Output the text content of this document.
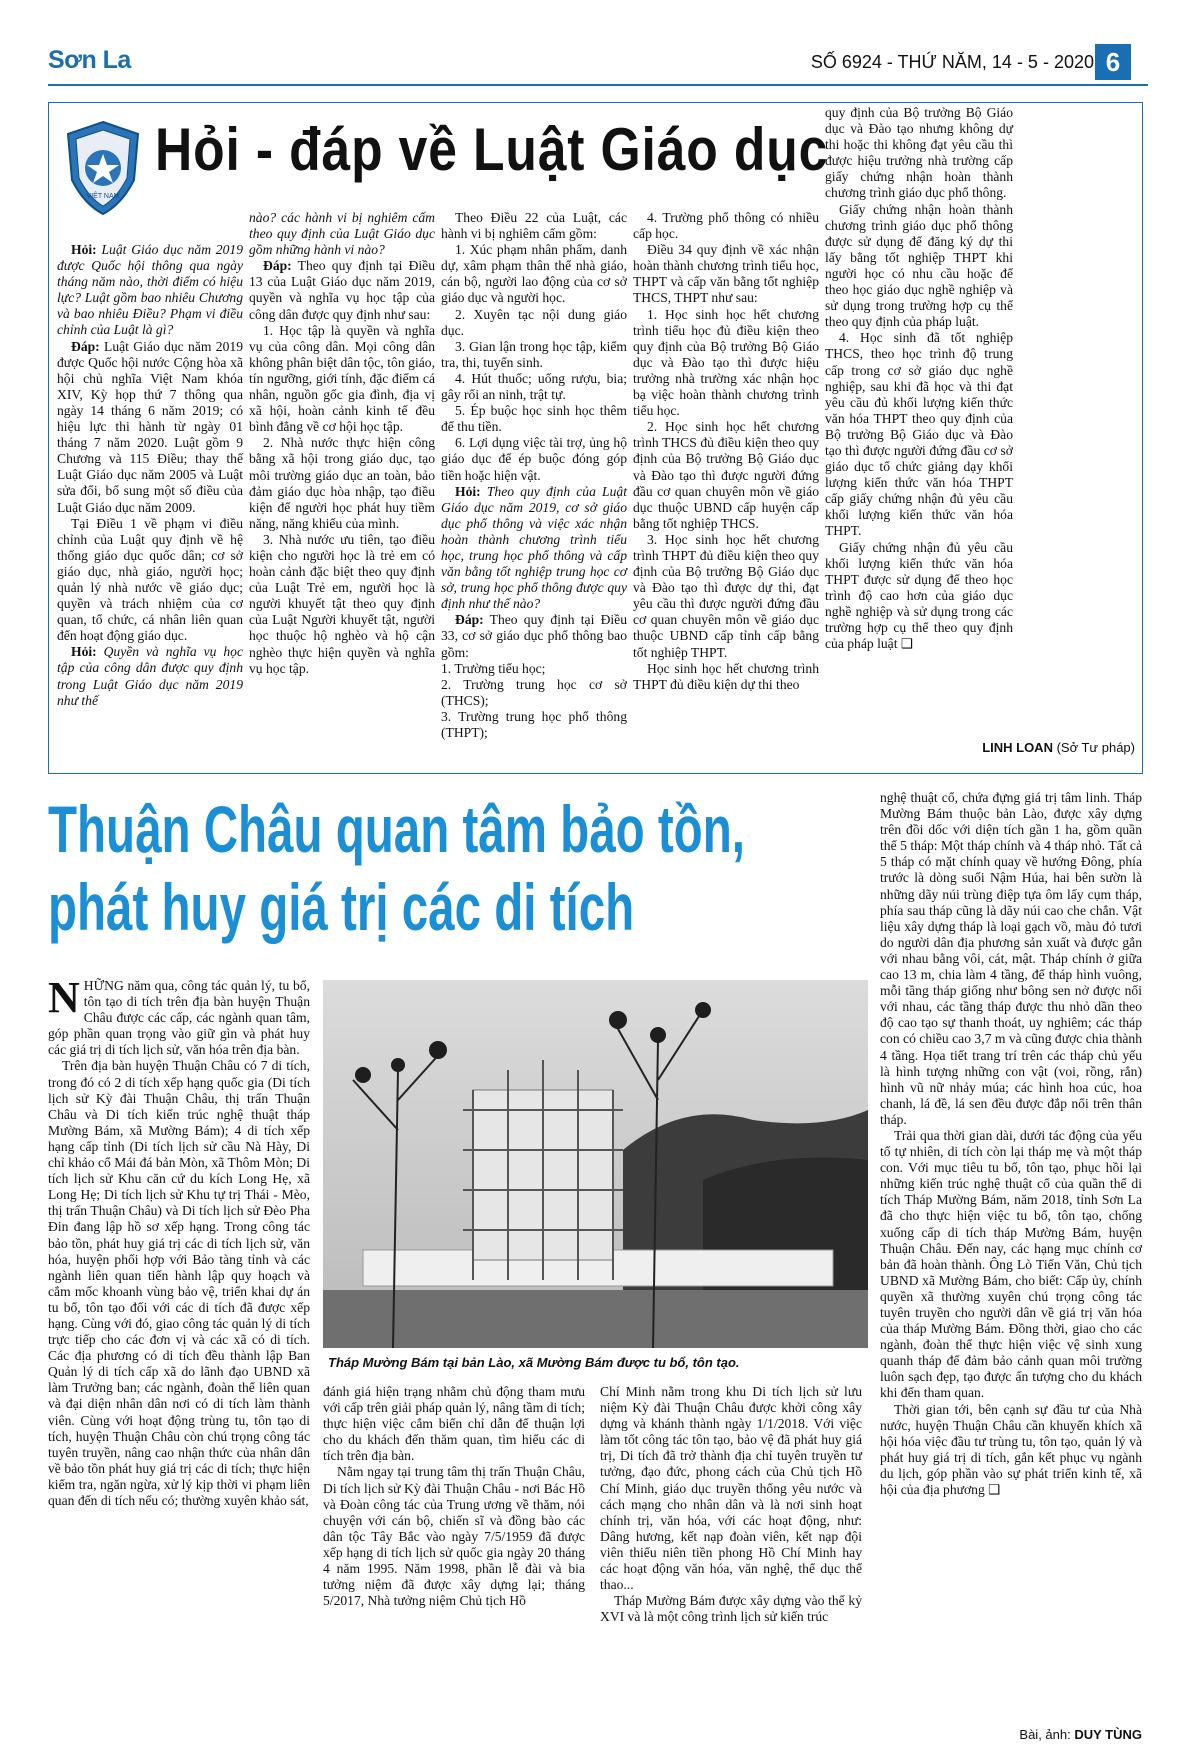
Sơn La	SỐ 6924 - THỨ NĂM, 14 - 5 - 2020 6
VIỆT NAM
Hỏi - đáp về Luật Giáo dục

Hỏi: Luật Giáo dục năm 2019 được Quốc hội thông qua ngày tháng năm nào, thời điểm có hiệu lực? Luật gồm bao nhiêu Chương và bao nhiêu Điều? Phạm vi điều chỉnh của Luật là gì?

Đáp: Luật Giáo dục năm 2019 được Quốc hội nước Cộng hòa xã hội chủ nghĩa Việt Nam khóa XIV, Kỳ họp thứ 7 thông qua ngày 14 tháng 6 năm 2019; có hiệu lực thi hành từ ngày 01 tháng 7 năm 2020. Luật gồm 9 Chương và 115 Điều; thay thế Luật Giáo dục năm 2005 và Luật sửa đổi, bổ sung một số điều của Luật Giáo dục năm 2009.

Tại Điều 1 về phạm vi điều chỉnh của Luật quy định về hệ thống giáo dục quốc dân; cơ sở giáo dục, nhà giáo, người học; quản lý nhà nước về giáo dục; quyền và trách nhiệm của cơ quan, tổ chức, cá nhân liên quan đến hoạt động giáo dục.

Hỏi: Quyền và nghĩa vụ học tập của công dân được quy định trong Luật Giáo dục năm 2019 như thế

nào? các hành vi bị nghiêm cấm theo quy định của Luật Giáo dục gồm những hành vi nào?

Đáp: Theo quy định tại Điều 13 của Luật Giáo dục năm 2019, quyền và nghĩa vụ học tập của công dân được quy định như sau:

1. Học tập là quyền và nghĩa vụ của công dân. Mọi công dân không phân biệt dân tộc, tôn giáo, tín ngưỡng, giới tính, đặc điểm cá nhân, nguồn gốc gia đình, địa vị xã hội, hoàn cảnh kinh tế đều bình đẳng về cơ hội học tập.

2. Nhà nước thực hiện công bằng xã hội trong giáo dục, tạo môi trường giáo dục an toàn, bảo đảm giáo dục hòa nhập, tạo điều kiện để người học phát huy tiềm năng, năng khiếu của mình.

3. Nhà nước ưu tiên, tạo điều kiện cho người học là trẻ em có hoàn cảnh đặc biệt theo quy định của Luật Trẻ em, người học là người khuyết tật theo quy định của Luật Người khuyết tật, người học thuộc hộ nghèo và hộ cận nghèo thực hiện quyền và nghĩa vụ học tập.

Theo Điều 22 của Luật, các hành vi bị nghiêm cấm gồm:

1. Xúc phạm nhân phẩm, danh dự, xâm phạm thân thể nhà giáo, cán bộ, người lao động của cơ sở giáo dục và người học.

2. Xuyên tạc nội dung giáo dục.

3. Gian lận trong học tập, kiểm tra, thi, tuyển sinh.

4. Hút thuốc; uống rượu, bia; gây rối an ninh, trật tự.

5. Ép buộc học sinh học thêm để thu tiền.

6. Lợi dụng việc tài trợ, ủng hộ giáo dục để ép buộc đóng góp tiền hoặc hiện vật.

Hỏi: Theo quy định của Luật Giáo dục năm 2019, cơ sở giáo dục phổ thông và việc xác nhận hoàn thành chương trình tiểu học, trung học phổ thông và cấp văn bằng tốt nghiệp trung học cơ sở, trung học phổ thông được quy định như thế nào?

Đáp: Theo quy định tại Điều 33, cơ sở giáo dục phổ thông bao gồm:

1. Trường tiểu học;

2. Trường trung học cơ sở (THCS);

3. Trường trung học phổ thông (THPT);

4. Trường phổ thông có nhiều cấp học.

Điều 34 quy định về xác nhận hoàn thành chương trình tiểu học, THPT và cấp văn bằng tốt nghiệp THCS, THPT như sau:

1. Học sinh học hết chương trình tiểu học đủ điều kiện theo quy định của Bộ trưởng Bộ Giáo dục và Đào tạo thì được hiệu trưởng nhà trường xác nhận học bạ việc hoàn thành chương trình tiểu học.

2. Học sinh học hết chương trình THCS đủ điều kiện theo quy định của Bộ trưởng Bộ Giáo dục và Đào tạo thì được người đứng đầu cơ quan chuyên môn về giáo dục thuộc UBND cấp huyện cấp bằng tốt nghiệp THCS.

3. Học sinh học hết chương trình THPT đủ điều kiện theo quy định của Bộ trưởng Bộ Giáo dục và Đào tạo thì được dự thi, đạt yêu cầu thì được người đứng đầu cơ quan chuyên môn về giáo dục thuộc UBND cấp tỉnh cấp bằng tốt nghiệp THPT.

Học sinh học hết chương trình THPT đủ điều kiện dự thi theo

quy định của Bộ trưởng Bộ Giáo dục và Đào tạo nhưng không dự thi hoặc thi không đạt yêu cầu thì được hiệu trưởng nhà trường cấp giấy chứng nhận hoàn thành chương trình giáo dục phổ thông.

Giấy chứng nhận hoàn thành chương trình giáo dục phổ thông được sử dụng để đăng ký dự thi lấy bằng tốt nghiệp THPT khi người học có nhu cầu hoặc để theo học giáo dục nghề nghiệp và sử dụng trong trường hợp cụ thể theo quy định của pháp luật.

4. Học sinh đã tốt nghiệp THCS, theo học trình độ trung cấp trong cơ sở giáo dục nghề nghiệp, sau khi đã học và thi đạt yêu cầu đủ khối lượng kiến thức văn hóa THPT theo quy định của Bộ trưởng Bộ Giáo dục và Đào tạo thì được người đứng đầu cơ sở giáo dục tổ chức giảng dạy khối lượng kiến thức văn hóa THPT cấp giấy chứng nhận đủ yêu cầu khối lượng kiến thức văn hóa THPT.

Giấy chứng nhận đủ yêu cầu khối lượng kiến thức văn hóa THPT được sử dụng để theo học trình độ cao hơn của giáo dục nghề nghiệp và sử dụng trong các trường hợp cụ thể theo quy định của pháp luật ❑

LINH LOAN (Sở Tư pháp)
Thuận Châu quan tâm bảo tồn,
phát huy giá trị các di tích

NHỮNG năm qua, công tác quản lý, tu bổ, tôn tạo di tích trên địa bàn huyện Thuận Châu được các cấp, các ngành quan tâm, góp phần quan trọng vào giữ gìn và phát huy các giá trị di tích lịch sử, văn hóa trên địa bàn.

Trên địa bàn huyện Thuận Châu có 7 di tích, trong đó có 2 di tích xếp hạng quốc gia (Di tích lịch sử Kỳ đài Thuận Châu, thị trấn Thuận Châu và Di tích kiến trúc nghệ thuật tháp Mường Bám, xã Mường Bám); 4 di tích xếp hạng cấp tỉnh (Di tích lịch sử cầu Nà Hày, Di chỉ khảo cổ Mái đá bản Mòn, xã Thôm Mòn; Di tích lịch sử Khu căn cứ du kích Long Hẹ, xã Long Hẹ; Di tích lịch sử Khu tự trị Thái - Mèo, thị trấn Thuận Châu) và Di tích lịch sử Đèo Pha Đin đang lập hồ sơ xếp hạng. Trong công tác bảo tồn, phát huy giá trị các di tích lịch sử, văn hóa, huyện phối hợp với Bảo tàng tỉnh và các ngành liên quan tiến hành lập quy hoạch và cắm mốc khoanh vùng bảo vệ, triển khai dự án tu bổ, tôn tạo đối với các di tích đã được xếp hạng. Cùng với đó, giao công tác quản lý di tích trực tiếp cho các đơn vị và các xã có di tích. Các địa phương có di tích đều thành lập Ban Quản lý di tích cấp xã do lãnh đạo UBND xã làm Trưởng ban; các ngành, đoàn thể liên quan và đại diện nhân dân nơi có di tích làm thành viên. Cùng với hoạt động trùng tu, tôn tạo di tích, huyện Thuận Châu còn chú trọng công tác tuyên truyền, nâng cao nhận thức của nhân dân về bảo tồn phát huy giá trị các di tích; thực hiện kiểm tra, ngăn ngừa, xử lý kịp thời vi phạm liên quan đến di tích nếu có; thường xuyên khảo sát,

Tháp Mường Bám tại bản Lào, xã Mường Bám được tu bổ, tôn tạo.

đánh giá hiện trạng nhằm chủ động tham mưu với cấp trên giải pháp quản lý, nâng tầm di tích; thực hiện việc cắm biển chỉ dẫn để thuận lợi cho du khách đến thăm quan, tìm hiểu các di tích trên địa bàn.

Nằm ngay tại trung tâm thị trấn Thuận Châu, Di tích lịch sử Kỳ đài Thuận Châu - nơi Bác Hồ và Đoàn công tác của Trung ương về thăm, nói chuyện với cán bộ, chiến sĩ và đồng bào các dân tộc Tây Bắc vào ngày 7/5/1959 đã được xếp hạng di tích lịch sử quốc gia ngày 20 tháng 4 năm 1995. Năm 1998, phần lễ đài và bia tưởng niệm đã được xây dựng lại; tháng 5/2017, Nhà tưởng niệm Chủ tịch Hồ

Chí Minh nằm trong khu Di tích lịch sử lưu niệm Kỳ đài Thuận Châu được khởi công xây dựng và khánh thành ngày 1/1/2018. Với việc làm tốt công tác tôn tạo, bảo vệ đã phát huy giá trị, Di tích đã trở thành địa chỉ tuyên truyền tư tưởng, đạo đức, phong cách của Chủ tịch Hồ Chí Minh, giáo dục truyền thống yêu nước và cách mạng cho nhân dân và là nơi sinh hoạt chính trị, văn hóa, với các hoạt động, như: Dâng hương, kết nạp đoàn viên, kết nạp đội viên thiếu niên tiền phong Hồ Chí Minh hay các hoạt động văn hóa, văn nghệ, thể dục thể thao...

Tháp Mường Bám được xây dựng vào thế kỷ XVI và là một công trình lịch sử kiến trúc

nghệ thuật cổ, chứa đựng giá trị tâm linh. Tháp Mường Bám thuộc bản Lào, được xây dựng trên đồi dốc với diện tích gần 1 ha, gồm quần thể 5 tháp: Một tháp chính và 4 tháp nhỏ. Tất cả 5 tháp có mặt chính quay về hướng Đông, phía trước là dòng suối Nậm Húa, hai bên sườn là những dãy núi trùng điệp tựa ôm lấy cụm tháp, phía sau tháp cũng là dãy núi cao che chắn. Vật liệu xây dựng tháp là loại gạch vồ, màu đỏ tươi do người dân địa phương sản xuất và được gắn với nhau bằng vôi, cát, mật. Tháp chính ở giữa cao 13 m, chia làm 4 tầng, để tháp hình vuông, mỗi tầng tháp giống như bông sen nở được nối với nhau, các tầng tháp được thu nhỏ dần theo độ cao tạo sự thanh thoát, uy nghiêm; các tháp con có chiều cao 3,7 m và cũng được chia thành 4 tầng. Họa tiết trang trí trên các tháp chủ yếu là hình tượng những con vật (voi, rồng, rắn) hình vũ nữ nhảy múa; các hình hoa cúc, hoa chanh, lá đề, lá sen đều được đắp nổi trên thân tháp.

Trải qua thời gian dài, dưới tác động của yếu tố tự nhiên, di tích còn lại tháp mẹ và một tháp con. Với mục tiêu tu bổ, tôn tạo, phục hồi lại những kiến trúc nghệ thuật cổ của quần thể di tích Tháp Mường Bám, năm 2018, tỉnh Sơn La đã cho thực hiện việc tu bổ, tôn tạo, chống xuống cấp di tích tháp Mường Bám, huyện Thuận Châu. Đến nay, các hạng mục chính cơ bản đã hoàn thành. Ông Lò Tiến Văn, Chủ tịch UBND xã Mường Bám, cho biết: Cấp ủy, chính quyền xã thường xuyên chú trọng công tác tuyên truyền cho người dân về giá trị văn hóa của tháp Mường Bám. Đồng thời, giao cho các ngành, đoàn thể thực hiện việc vệ sinh xung quanh tháp để đảm bảo cảnh quan môi trường luôn sạch đẹp, tạo được ấn tượng cho du khách khi đến tham quan.

Thời gian tới, bên cạnh sự đầu tư của Nhà nước, huyện Thuận Châu cần khuyến khích xã hội hóa việc đầu tư trùng tu, tôn tạo, quản lý và phát huy giá trị di tích, gắn kết phục vụ ngành du lịch, góp phần vào sự phát triển kinh tế, xã hội của địa phương ❑

Bài, ảnh: DUY TÙNG
